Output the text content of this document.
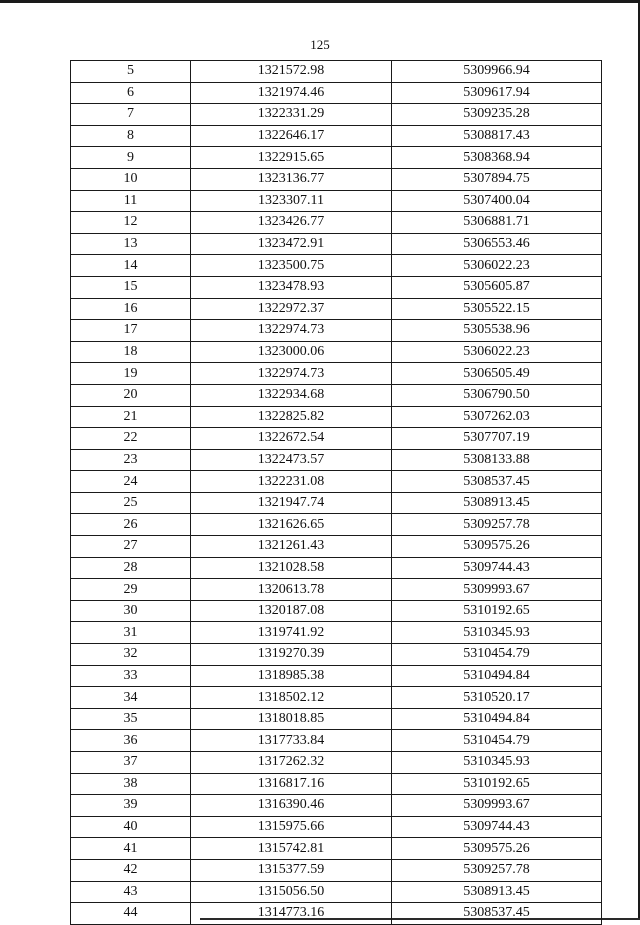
125
5	1321572.98	5309966.94
6	1321974.46	5309617.94
7	1322331.29	5309235.28
8	1322646.17	5308817.43
9	1322915.65	5308368.94
10	1323136.77	5307894.75
11	1323307.11	5307400.04
12	1323426.77	5306881.71
13	1323472.91	5306553.46
14	1323500.75	5306022.23
15	1323478.93	5305605.87
16	1322972.37	5305522.15
17	1322974.73	5305538.96
18	1323000.06	5306022.23
19	1322974.73	5306505.49
20	1322934.68	5306790.50
21	1322825.82	5307262.03
22	1322672.54	5307707.19
23	1322473.57	5308133.88
24	1322231.08	5308537.45
25	1321947.74	5308913.45
26	1321626.65	5309257.78
27	1321261.43	5309575.26
28	1321028.58	5309744.43
29	1320613.78	5309993.67
30	1320187.08	5310192.65
31	1319741.92	5310345.93
32	1319270.39	5310454.79
33	1318985.38	5310494.84
34	1318502.12	5310520.17
35	1318018.85	5310494.84
36	1317733.84	5310454.79
37	1317262.32	5310345.93
38	1316817.16	5310192.65
39	1316390.46	5309993.67
40	1315975.66	5309744.43
41	1315742.81	5309575.26
42	1315377.59	5309257.78
43	1315056.50	5308913.45
44	1314773.16	5308537.45
